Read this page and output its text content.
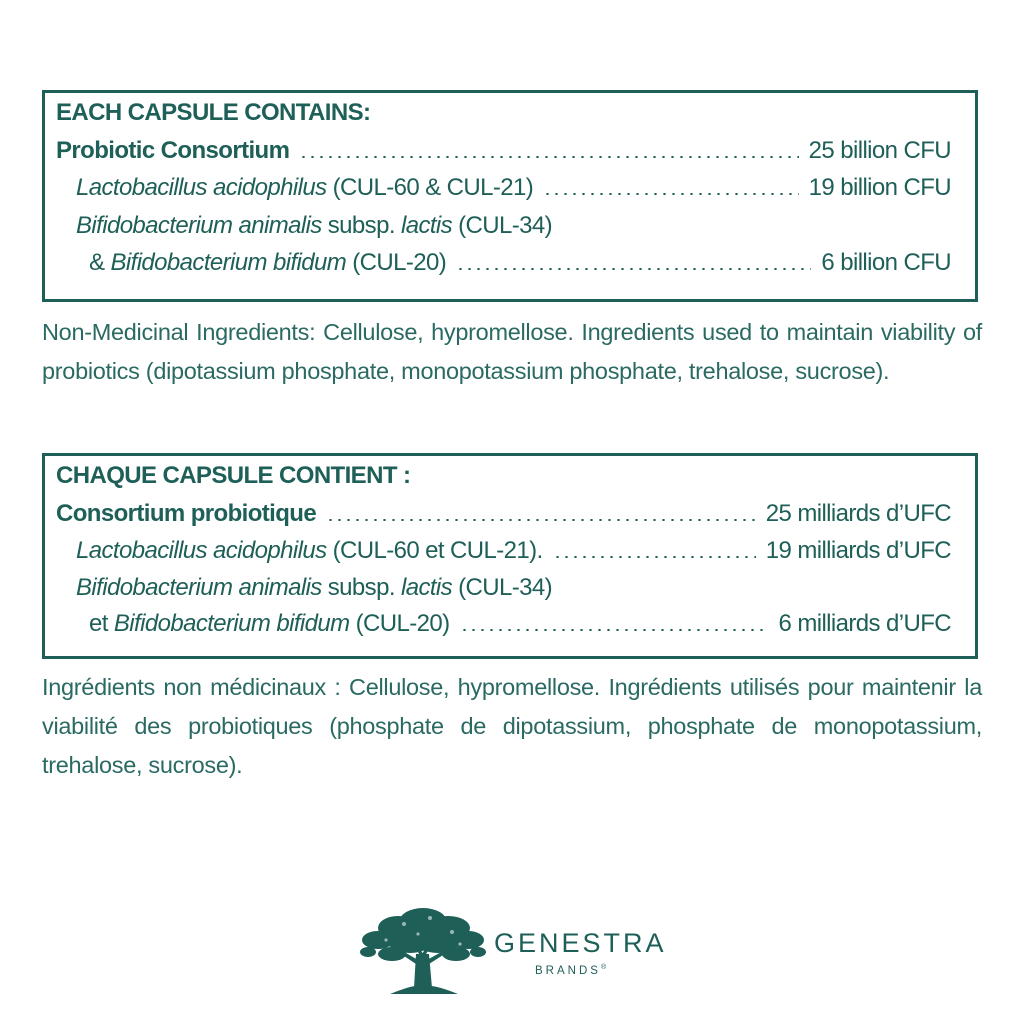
EACH CAPSULE CONTAINS:
Probiotic Consortium	25 billion CFU
Lactobacillus acidophilus (CUL-60 & CUL-21)	19 billion CFU
Bifidobacterium animalis subsp. lactis (CUL-34)
& Bifidobacterium bifidum (CUL-20)	6 billion CFU
Non-Medicinal Ingredients: Cellulose, hypromellose. Ingredients used to maintain viability of probiotics (dipotassium phosphate, monopotassium phosphate, trehalose, sucrose).
CHAQUE CAPSULE CONTIENT :
Consortium probiotique	25 milliards d’UFC
Lactobacillus acidophilus (CUL-60 et CUL-21).	19 milliards d’UFC
Bifidobacterium animalis subsp. lactis (CUL-34)
et Bifidobacterium bifidum (CUL-20)	6 milliards d’UFC
Ingrédients non médicinaux : Cellulose, hypromellose. Ingrédients utilisés pour maintenir la viabilité des probiotiques (phosphate de dipotassium, phosphate de monopotassium, trehalose, sucrose).
GENESTRA
BRANDS®
